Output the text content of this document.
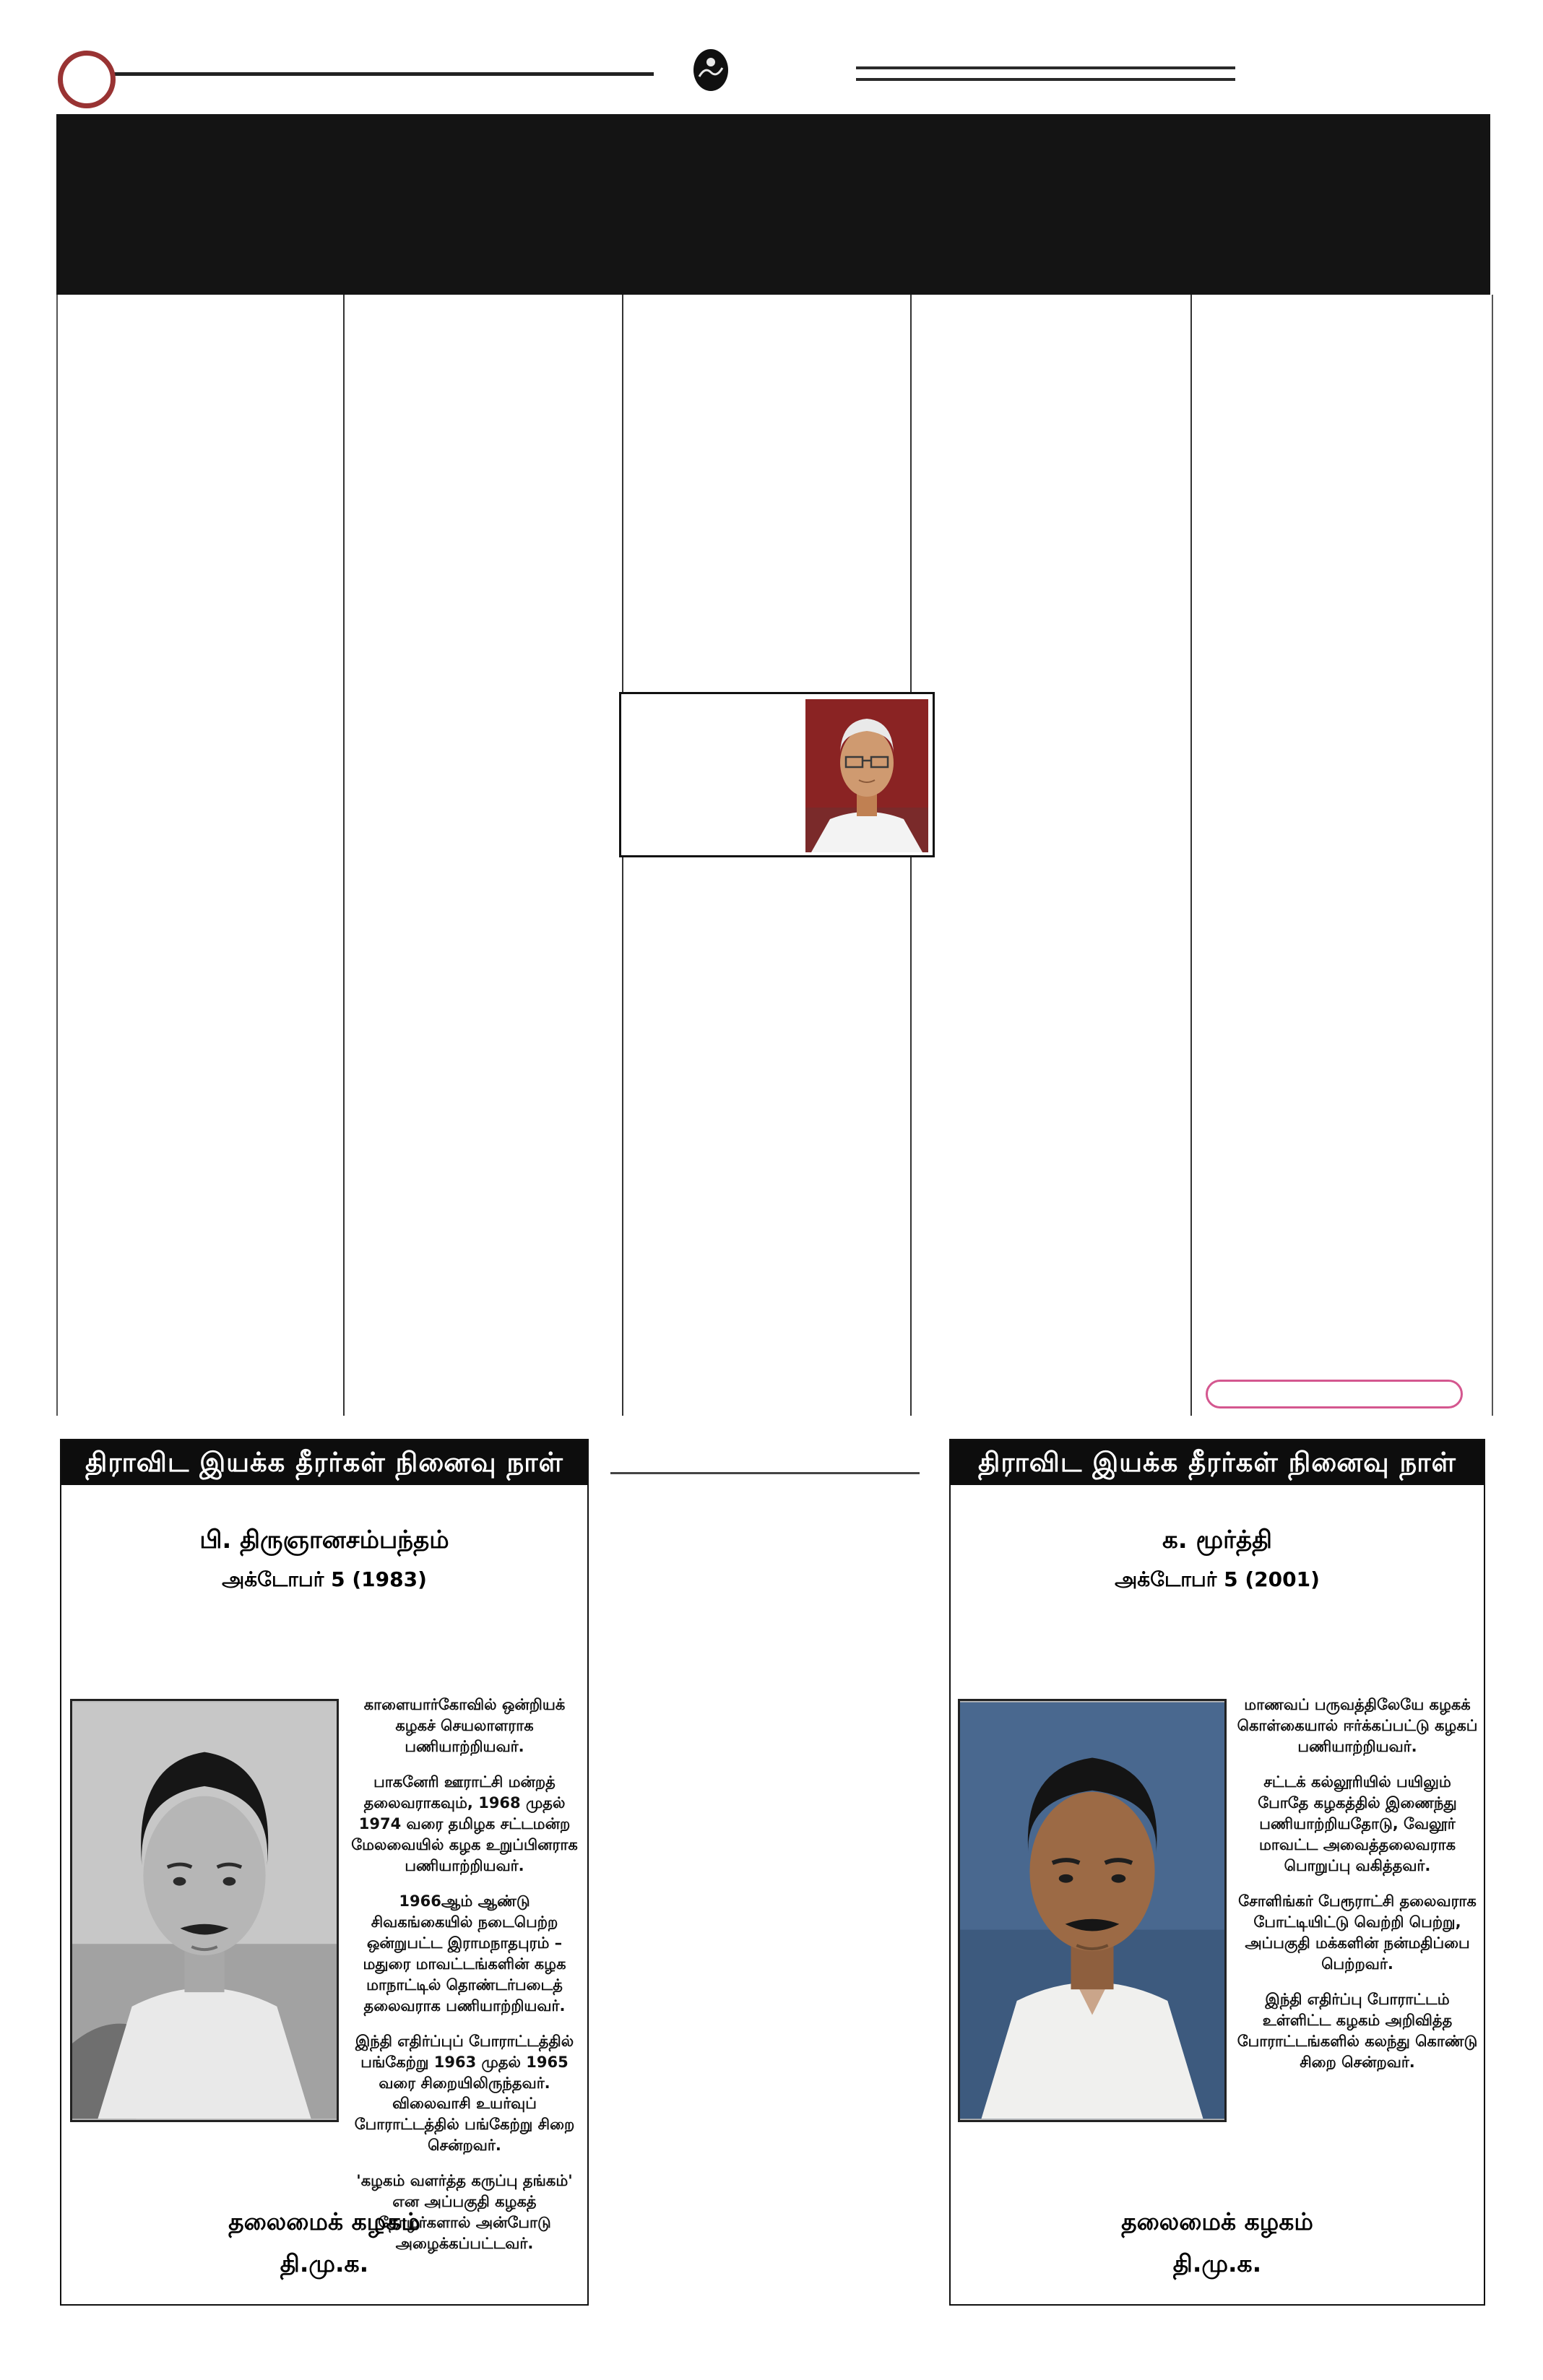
திராவிட இயக்க தீரர்கள் நினைவு நாள்
பி. திருஞானசம்பந்தம்
அக்டோபர் 5 (1983)

காளையார்கோவில் ஒன்றியக் கழகச் செயலாளராக பணியாற்றியவர்.

பாகனேரி ஊராட்சி மன்றத் தலைவராகவும், 1968 முதல் 1974 வரை தமிழக சட்டமன்ற மேலவையில் கழக உறுப்பினராக பணியாற்றியவர்.

1966ஆம் ஆண்டு சிவகங்கையில் நடைபெற்ற ஒன்றுபட்ட இராமநாதபுரம் – மதுரை மாவட்டங்களின் கழக மாநாட்டில் தொண்டர்படைத் தலைவராக பணியாற்றியவர்.

இந்தி எதிர்ப்புப் போராட்டத்தில் பங்கேற்று 1963 முதல் 1965 வரை சிறையிலிருந்தவர். விலைவாசி உயர்வுப் போராட்டத்தில் பங்கேற்று சிறை சென்றவர்.

'கழகம் வளர்த்த கருப்பு தங்கம்' என அப்பகுதி கழகத் தோழர்களால் அன்போடு அழைக்கப்பட்டவர்.

தலைமைக் கழகம்
தி.மு.க.
திராவிட இயக்க தீரர்கள் நினைவு நாள்
க. மூர்த்தி
அக்டோபர் 5 (2001)

மாணவப் பருவத்திலேயே கழகக் கொள்கையால் ஈர்க்கப்பட்டு கழகப் பணியாற்றியவர்.

சட்டக் கல்லூரியில் பயிலும் போதே கழகத்தில் இணைந்து பணியாற்றியதோடு, வேலூர் மாவட்ட அவைத்தலைவராக பொறுப்பு வகித்தவர்.

சோளிங்கர் பேரூராட்சி தலைவராக போட்டியிட்டு வெற்றி பெற்று, அப்பகுதி மக்களின் நன்மதிப்பை பெற்றவர்.

இந்தி எதிர்ப்பு போராட்டம் உள்ளிட்ட கழகம் அறிவித்த போராட்டங்களில் கலந்து கொண்டு சிறை சென்றவர்.

தலைமைக் கழகம்
தி.மு.க.
